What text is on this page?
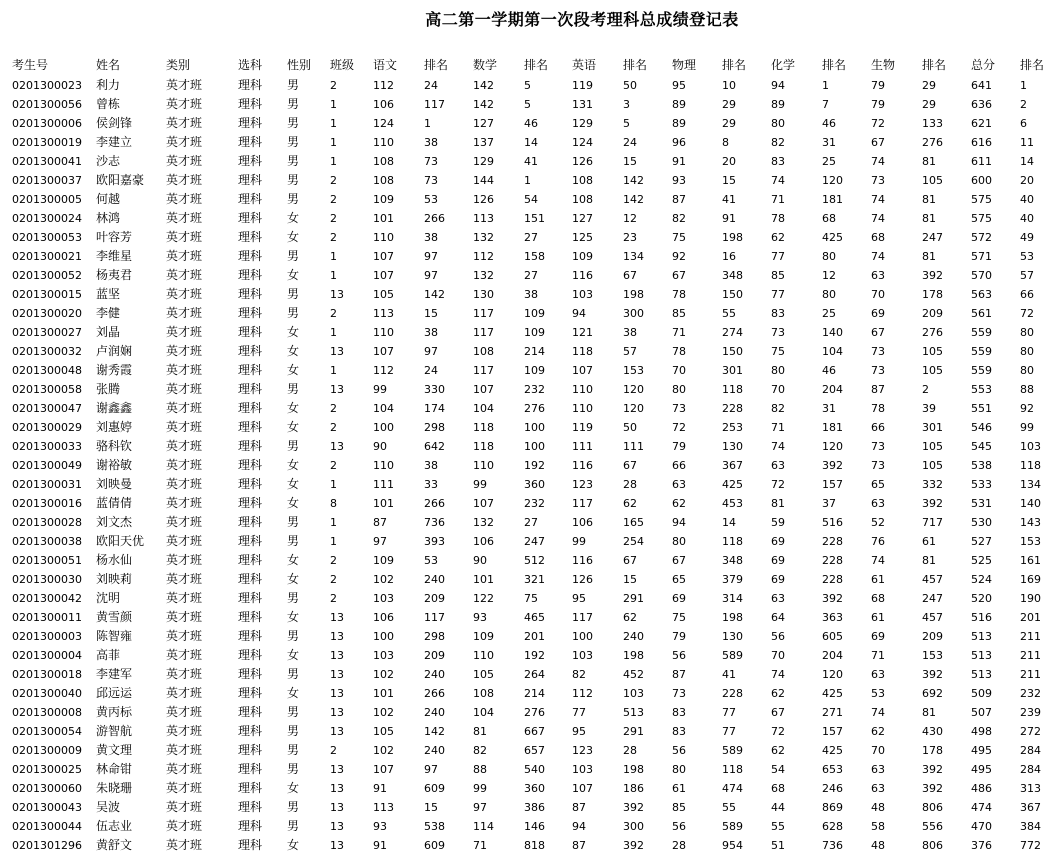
高二第一学期第一次段考理科总成绩登记表
考生号	姓名	类别	选科	性别	班级	语文	排名	数学	排名	英语	排名	物理	排名	化学	排名	生物	排名	总分	排名
0201300023	利力	英才班	理科	男	2	112	24	142	5	119	50	95	10	94	1	79	29	641	1
0201300056	曾栋	英才班	理科	男	1	106	117	142	5	131	3	89	29	89	7	79	29	636	2
0201300006	侯剑锋	英才班	理科	男	1	124	1	127	46	129	5	89	29	80	46	72	133	621	6
0201300019	李建立	英才班	理科	男	1	110	38	137	14	124	24	96	8	82	31	67	276	616	11
0201300041	沙志	英才班	理科	男	1	108	73	129	41	126	15	91	20	83	25	74	81	611	14
0201300037	欧阳嘉豪	英才班	理科	男	2	108	73	144	1	108	142	93	15	74	120	73	105	600	20
0201300005	何越	英才班	理科	男	2	109	53	126	54	108	142	87	41	71	181	74	81	575	40
0201300024	林鸿	英才班	理科	女	2	101	266	113	151	127	12	82	91	78	68	74	81	575	40
0201300053	叶容芳	英才班	理科	女	2	110	38	132	27	125	23	75	198	62	425	68	247	572	49
0201300021	李维星	英才班	理科	男	1	107	97	112	158	109	134	92	16	77	80	74	81	571	53
0201300052	杨夷君	英才班	理科	女	1	107	97	132	27	116	67	67	348	85	12	63	392	570	57
0201300015	蓝坚	英才班	理科	男	13	105	142	130	38	103	198	78	150	77	80	70	178	563	66
0201300020	李健	英才班	理科	男	2	113	15	117	109	94	300	85	55	83	25	69	209	561	72
0201300027	刘晶	英才班	理科	女	1	110	38	117	109	121	38	71	274	73	140	67	276	559	80
0201300032	卢润娴	英才班	理科	女	13	107	97	108	214	118	57	78	150	75	104	73	105	559	80
0201300048	谢秀霞	英才班	理科	女	1	112	24	117	109	107	153	70	301	80	46	73	105	559	80
0201300058	张腾	英才班	理科	男	13	99	330	107	232	110	120	80	118	70	204	87	2	553	88
0201300047	谢鑫鑫	英才班	理科	女	2	104	174	104	276	110	120	73	228	82	31	78	39	551	92
0201300029	刘惠婷	英才班	理科	女	2	100	298	118	100	119	50	72	253	71	181	66	301	546	99
0201300033	骆科钦	英才班	理科	男	13	90	642	118	100	111	111	79	130	74	120	73	105	545	103
0201300049	谢裕敏	英才班	理科	女	2	110	38	110	192	116	67	66	367	63	392	73	105	538	118
0201300031	刘映曼	英才班	理科	女	1	111	33	99	360	123	28	63	425	72	157	65	332	533	134
0201300016	蓝倩倩	英才班	理科	女	8	101	266	107	232	117	62	62	453	81	37	63	392	531	140
0201300028	刘文杰	英才班	理科	男	1	87	736	132	27	106	165	94	14	59	516	52	717	530	143
0201300038	欧阳天优	英才班	理科	男	1	97	393	106	247	99	254	80	118	69	228	76	61	527	153
0201300051	杨水仙	英才班	理科	女	2	109	53	90	512	116	67	67	348	69	228	74	81	525	161
0201300030	刘映莉	英才班	理科	女	2	102	240	101	321	126	15	65	379	69	228	61	457	524	169
0201300042	沈明	英才班	理科	男	2	103	209	122	75	95	291	69	314	63	392	68	247	520	190
0201300011	黄雪颜	英才班	理科	女	13	106	117	93	465	117	62	75	198	64	363	61	457	516	201
0201300003	陈智雍	英才班	理科	男	13	100	298	109	201	100	240	79	130	56	605	69	209	513	211
0201300004	高菲	英才班	理科	女	13	103	209	110	192	103	198	56	589	70	204	71	153	513	211
0201300018	李建军	英才班	理科	男	13	102	240	105	264	82	452	87	41	74	120	63	392	513	211
0201300040	邱远运	英才班	理科	女	13	101	266	108	214	112	103	73	228	62	425	53	692	509	232
0201300008	黄丙标	英才班	理科	男	13	102	240	104	276	77	513	83	77	67	271	74	81	507	239
0201300054	游智航	英才班	理科	男	13	105	142	81	667	95	291	83	77	72	157	62	430	498	272
0201300009	黄文理	英才班	理科	男	2	102	240	82	657	123	28	56	589	62	425	70	178	495	284
0201300025	林命钳	英才班	理科	男	13	107	97	88	540	103	198	80	118	54	653	63	392	495	284
0201300060	朱晓珊	英才班	理科	女	13	91	609	99	360	107	186	61	474	68	246	63	392	486	313
0201300043	吴波	英才班	理科	男	13	113	15	97	386	87	392	85	55	44	869	48	806	474	367
0201300044	伍志业	英才班	理科	男	13	93	538	114	146	94	300	56	589	55	628	58	556	470	384
0201301296	黄舒文	英才班	理科	女	13	91	609	71	818	87	392	28	954	51	736	48	806	376	772
